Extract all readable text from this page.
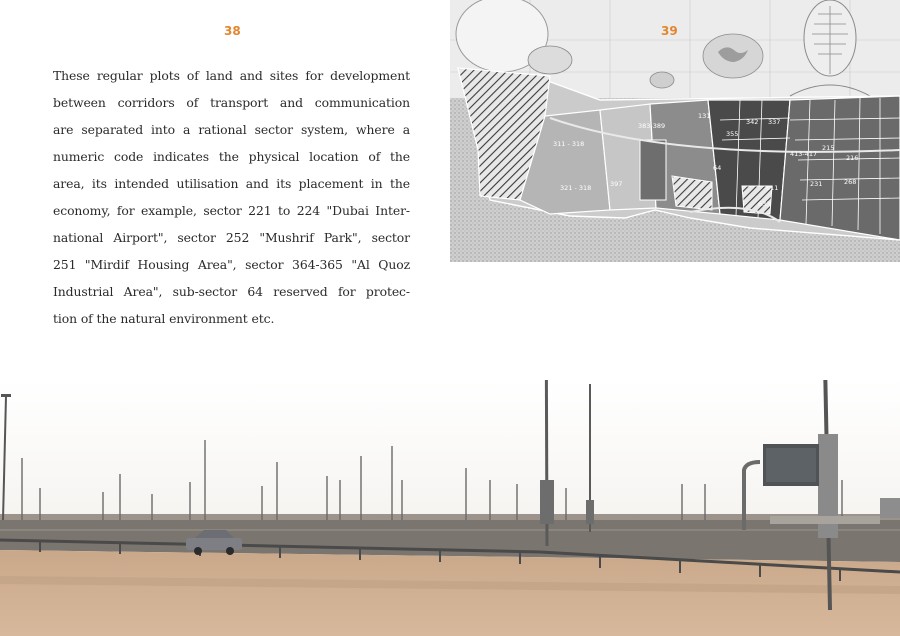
38

These regular plots of land and sites for development
between corridors of transport and communication
are separated into a rational sector system, where a
numeric code indicates the physical location of the
area, its intended utilisation and its placement in the
economy, for example, sector 221 to 224 "Dubai Inter-
national Airport", sector 252 "Mushrif Park", sector
251 "Mirdif Housing Area", sector 364-365 "Al Quoz
Industrial Area", sub-sector 64 reserved for protec-
tion of the natural environment etc.

311 - 318
321 - 318
383-389
397
64
131
337
342
355
413-417
215
216
231	268
611
633
39
